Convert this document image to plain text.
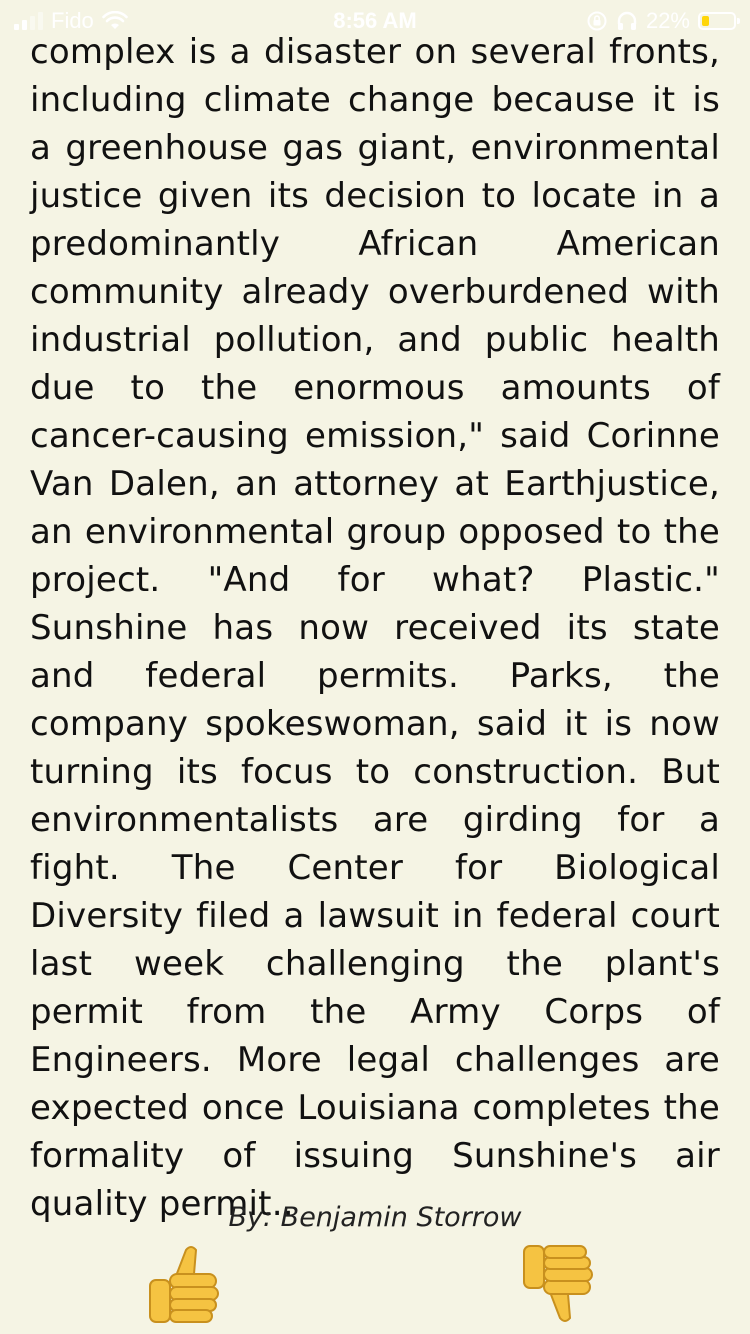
Fido	8:56 AM	22%

complex is a disaster on several fronts, including climate change because it is a greenhouse gas giant, environmental justice given its decision to locate in a predominantly African American community already overburdened with industrial pollution, and public health due to the enormous amounts of cancer-causing emission," said Corinne Van Dalen, an attorney at Earthjustice, an environmental group opposed to the project. "And for what? Plastic." Sunshine has now received its state and federal permits. Parks, the company spokeswoman, said it is now turning its focus to construction. But environmentalists are girding for a fight. The Center for Biological Diversity filed a lawsuit in federal court last week challenging the plant's permit from the Army Corps of Engineers. More legal challenges are expected once Louisiana completes the formality of issuing Sunshine's air quality permit..

By: Benjamin Storrow
